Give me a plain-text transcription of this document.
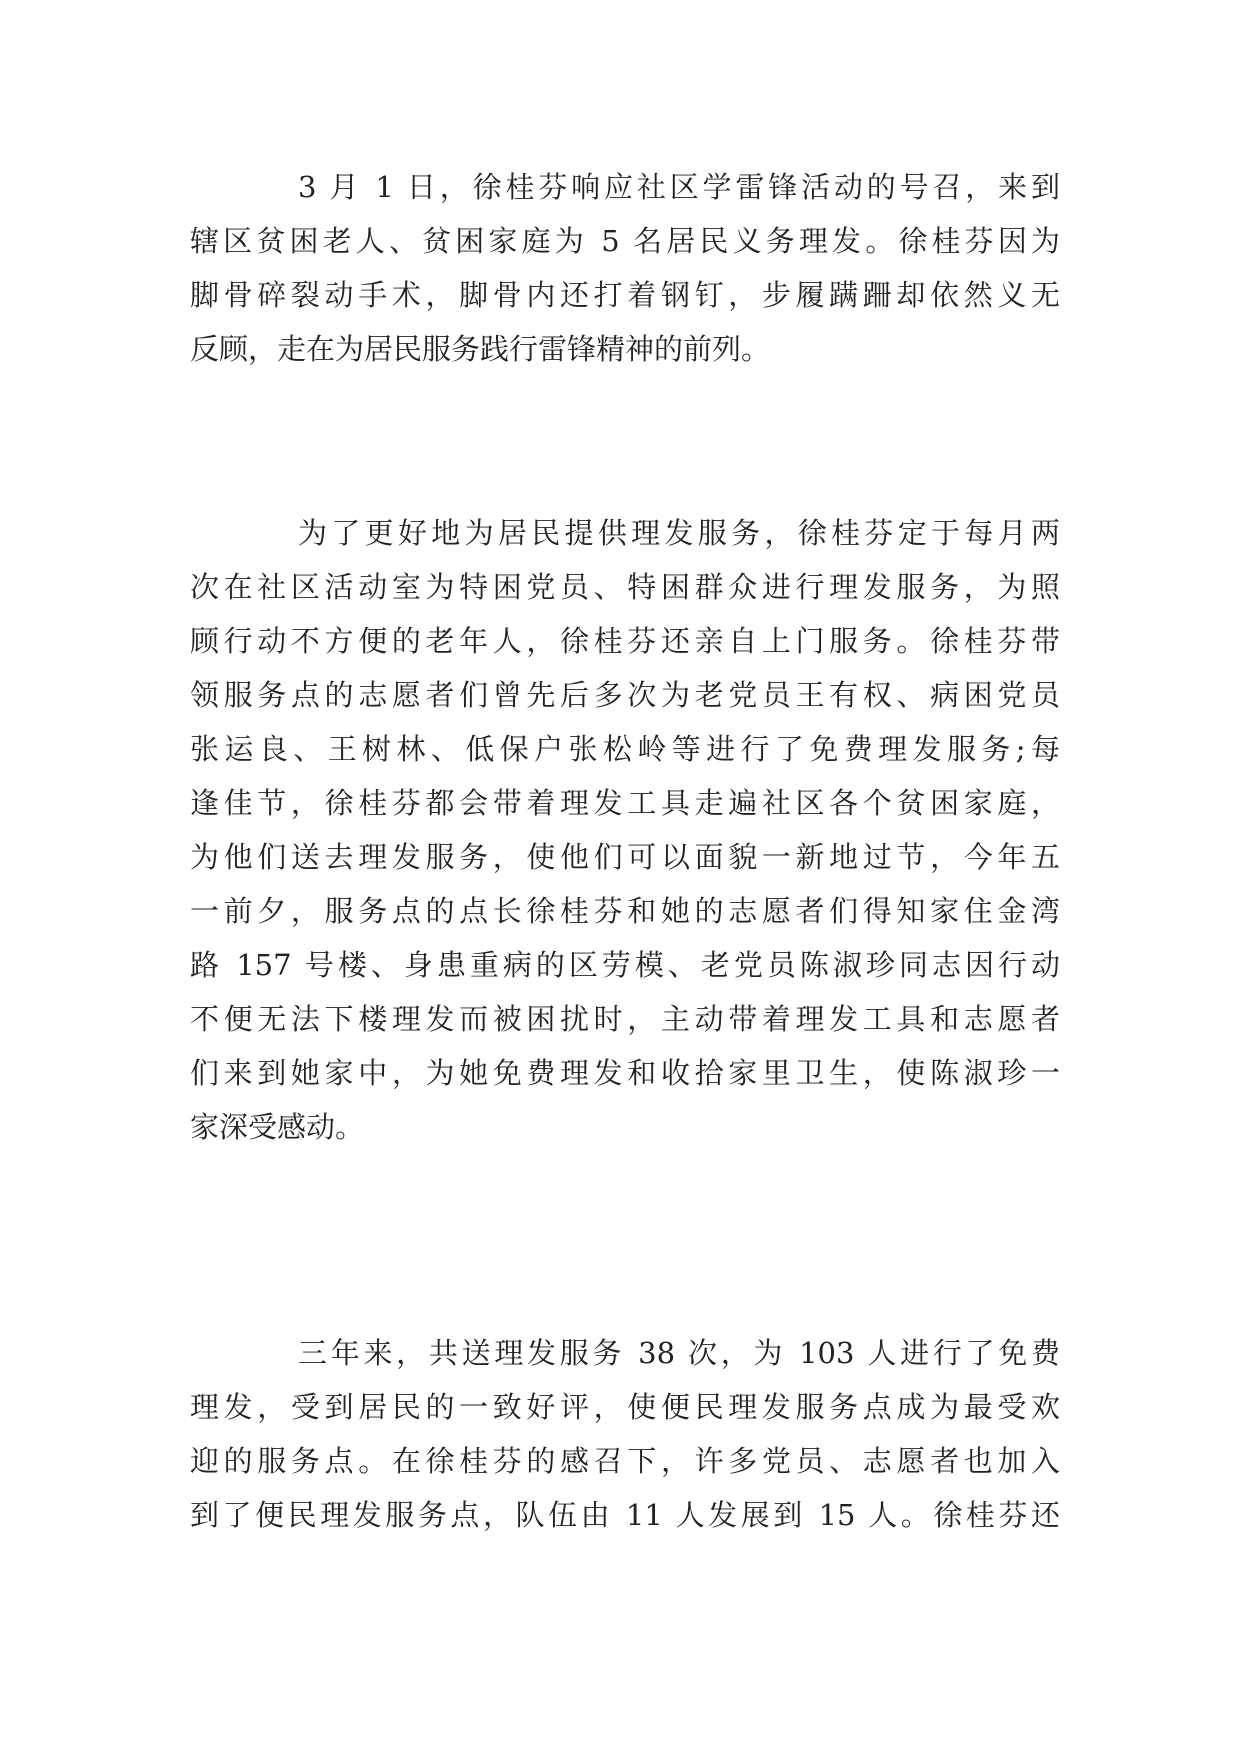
3 月 1 日，徐桂芬响应社区学雷锋活动的号召，来到
辖区贫困老人、贫困家庭为 5 名居民义务理发。徐桂芬因为
脚骨碎裂动手术，脚骨内还打着钢钉，步履蹒跚却依然义无
反顾，走在为居民服务践行雷锋精神的前列。

为了更好地为居民提供理发服务，徐桂芬定于每月两
次在社区活动室为特困党员、特困群众进行理发服务，为照
顾行动不方便的老年人，徐桂芬还亲自上门服务。徐桂芬带
领服务点的志愿者们曾先后多次为老党员王有权、病困党员
张运良、王树林、低保户张松岭等进行了免费理发服务;每
逢佳节，徐桂芬都会带着理发工具走遍社区各个贫困家庭，
为他们送去理发服务，使他们可以面貌一新地过节，今年五
一前夕，服务点的点长徐桂芬和她的志愿者们得知家住金湾
路 157 号楼、身患重病的区劳模、老党员陈淑珍同志因行动
不便无法下楼理发而被困扰时，主动带着理发工具和志愿者
们来到她家中，为她免费理发和收拾家里卫生，使陈淑珍一
家深受感动。

三年来，共送理发服务 38 次，为 103 人进行了免费
理发，受到居民的一致好评，使便民理发服务点成为最受欢
迎的服务点。在徐桂芬的感召下，许多党员、志愿者也加入
到了便民理发服务点，队伍由 11 人发展到 15 人。徐桂芬还
